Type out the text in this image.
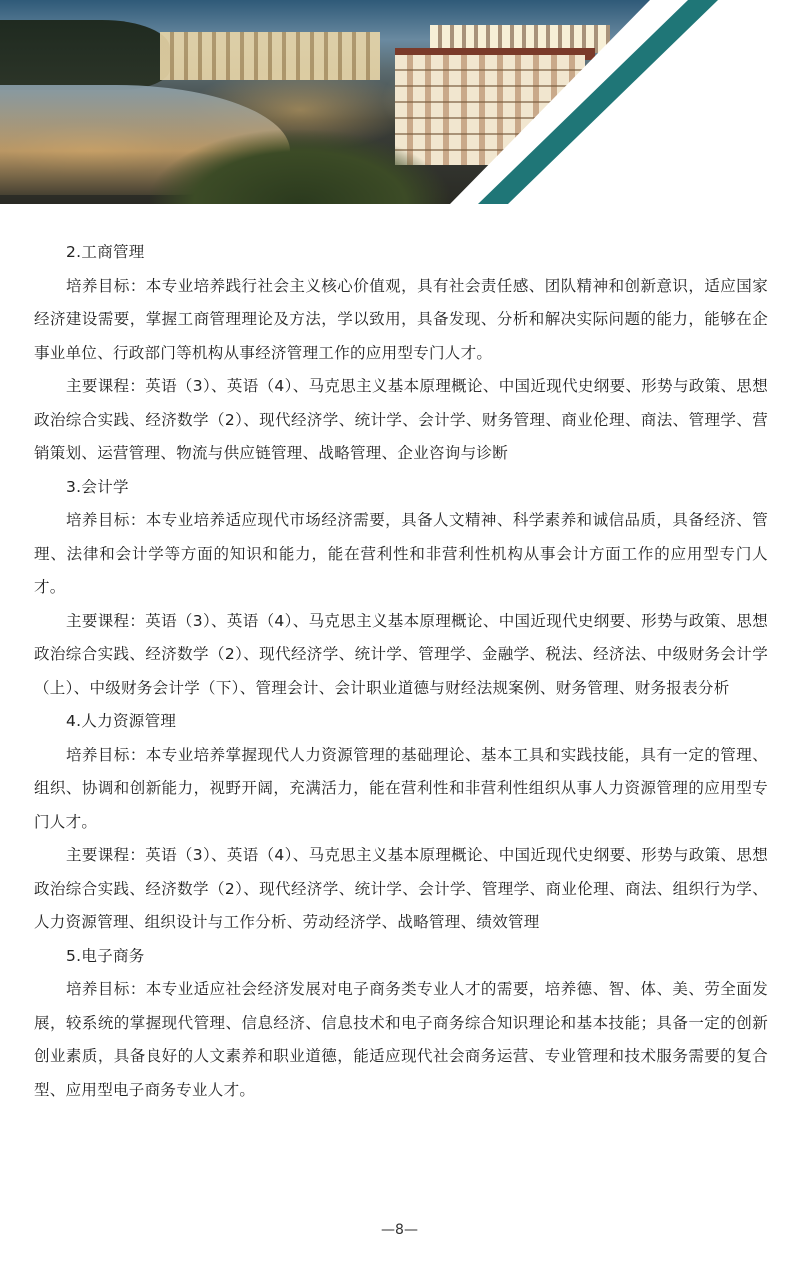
2.工商管理

培养目标：本专业培养践行社会主义核心价值观，具有社会责任感、团队精神和创新意识，适应国家经济建设需要，掌握工商管理理论及方法，学以致用，具备发现、分析和解决实际问题的能力，能够在企事业单位、行政部门等机构从事经济管理工作的应用型专门人才。

主要课程：英语（3）、英语（4）、马克思主义基本原理概论、中国近现代史纲要、形势与政策、思想政治综合实践、经济数学（2）、现代经济学、统计学、会计学、财务管理、商业伦理、商法、管理学、营销策划、运营管理、物流与供应链管理、战略管理、企业咨询与诊断

3.会计学

培养目标：本专业培养适应现代市场经济需要，具备人文精神、科学素养和诚信品质，具备经济、管理、法律和会计学等方面的知识和能力，能在营利性和非营利性机构从事会计方面工作的应用型专门人才。

主要课程：英语（3）、英语（4）、马克思主义基本原理概论、中国近现代史纲要、形势与政策、思想政治综合实践、经济数学（2）、现代经济学、统计学、管理学、金融学、税法、经济法、中级财务会计学（上）、中级财务会计学（下）、管理会计、会计职业道德与财经法规案例、财务管理、财务报表分析

4.人力资源管理

培养目标：本专业培养掌握现代人力资源管理的基础理论、基本工具和实践技能，具有一定的管理、组织、协调和创新能力，视野开阔，充满活力，能在营利性和非营利性组织从事人力资源管理的应用型专门人才。

主要课程：英语（3）、英语（4）、马克思主义基本原理概论、中国近现代史纲要、形势与政策、思想政治综合实践、经济数学（2）、现代经济学、统计学、会计学、管理学、商业伦理、商法、组织行为学、人力资源管理、组织设计与工作分析、劳动经济学、战略管理、绩效管理

5.电子商务

培养目标：本专业适应社会经济发展对电子商务类专业人才的需要，培养德、智、体、美、劳全面发展，较系统的掌握现代管理、信息经济、信息技术和电子商务综合知识理论和基本技能；具备一定的创新创业素质，具备良好的人文素养和职业道德，能适应现代社会商务运营、专业管理和技术服务需要的复合型、应用型电子商务专业人才。

—8—
